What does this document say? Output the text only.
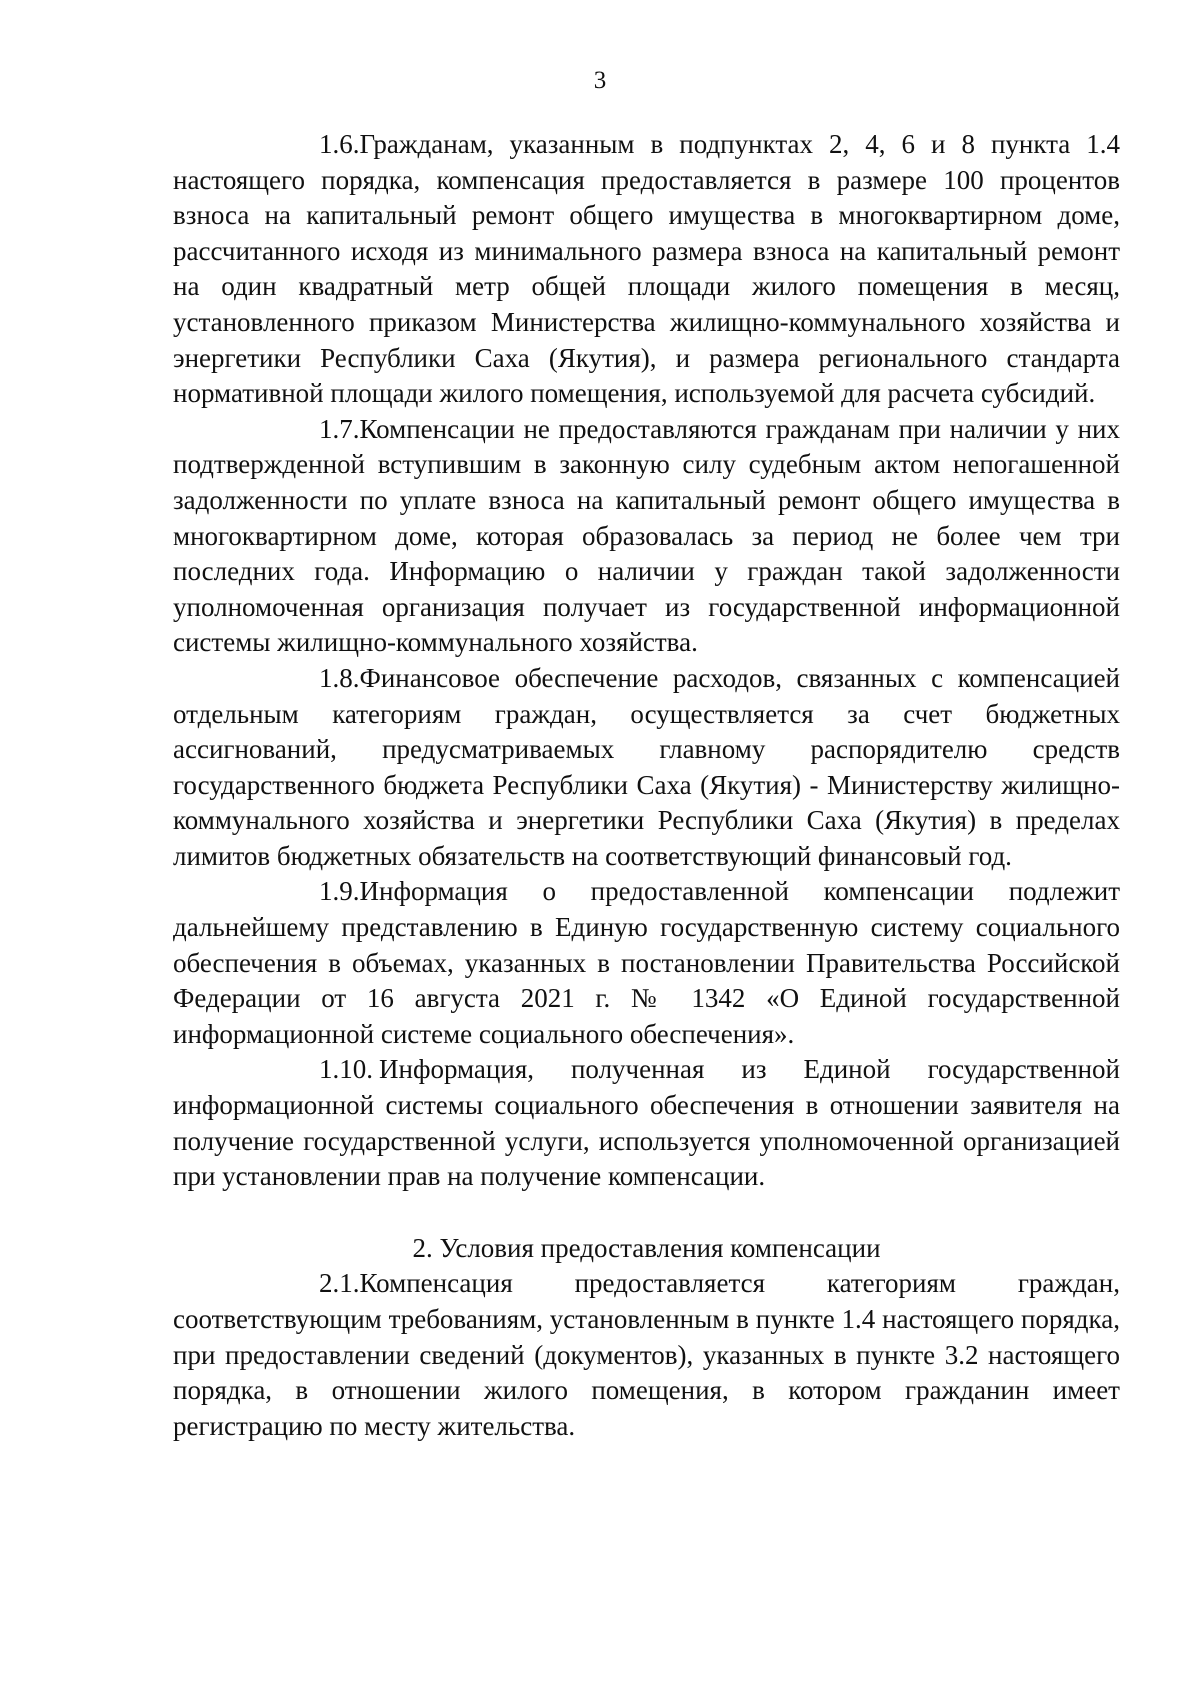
3

1.6.Гражданам, указанным в подпунктах 2, 4, 6 и 8 пункта 1.4 настоящего порядка, компенсация предоставляется в размере 100 процентов взноса на капитальный ремонт общего имущества в многоквартирном доме, рассчитанного исходя из минимального размера взноса на капитальный ремонт на один квадратный метр общей площади жилого помещения в месяц, установленного приказом Министерства жилищно-коммунального хозяйства и энергетики Республики Саха (Якутия), и размера регионального стандарта нормативной площади жилого помещения, используемой для расчета субсидий.

1.7.Компенсации не предоставляются гражданам при наличии у них подтвержденной вступившим в законную силу судебным актом непогашенной задолженности по уплате взноса на капитальный ремонт общего имущества в многоквартирном доме, которая образовалась за период не более чем три последних года. Информацию о наличии у граждан такой задолженности уполномоченная организация получает из государственной информационной системы жилищно-коммунального хозяйства.

1.8.Финансовое обеспечение расходов, связанных с компенсацией отдельным категориям граждан, осуществляется за счет бюджетных ассигнований, предусматриваемых главному распорядителю средств государственного бюджета Республики Саха (Якутия) - Министерству жилищно-коммунального хозяйства и энергетики Республики Саха (Якутия) в пределах лимитов бюджетных обязательств на соответствующий финансовый год.

1.9.Информация о предоставленной компенсации подлежит дальнейшему представлению в Единую государственную систему социального обеспечения в объемах, указанных в постановлении Правительства Российской Федерации от 16 августа 2021 г. № 1342 «О Единой государственной информационной системе социального обеспечения».

1.10. Информация, полученная из Единой государственной информационной системы социального обеспечения в отношении заявителя на получение государственной услуги, используется уполномоченной организацией при установлении прав на получение компенсации.

2. Условия предоставления компенсации

2.1.Компенсация предоставляется категориям граждан, соответствующим требованиям, установленным в пункте 1.4 настоящего порядка, при предоставлении сведений (документов), указанных в пункте 3.2 настоящего порядка, в отношении жилого помещения, в котором гражданин имеет регистрацию по месту жительства.
